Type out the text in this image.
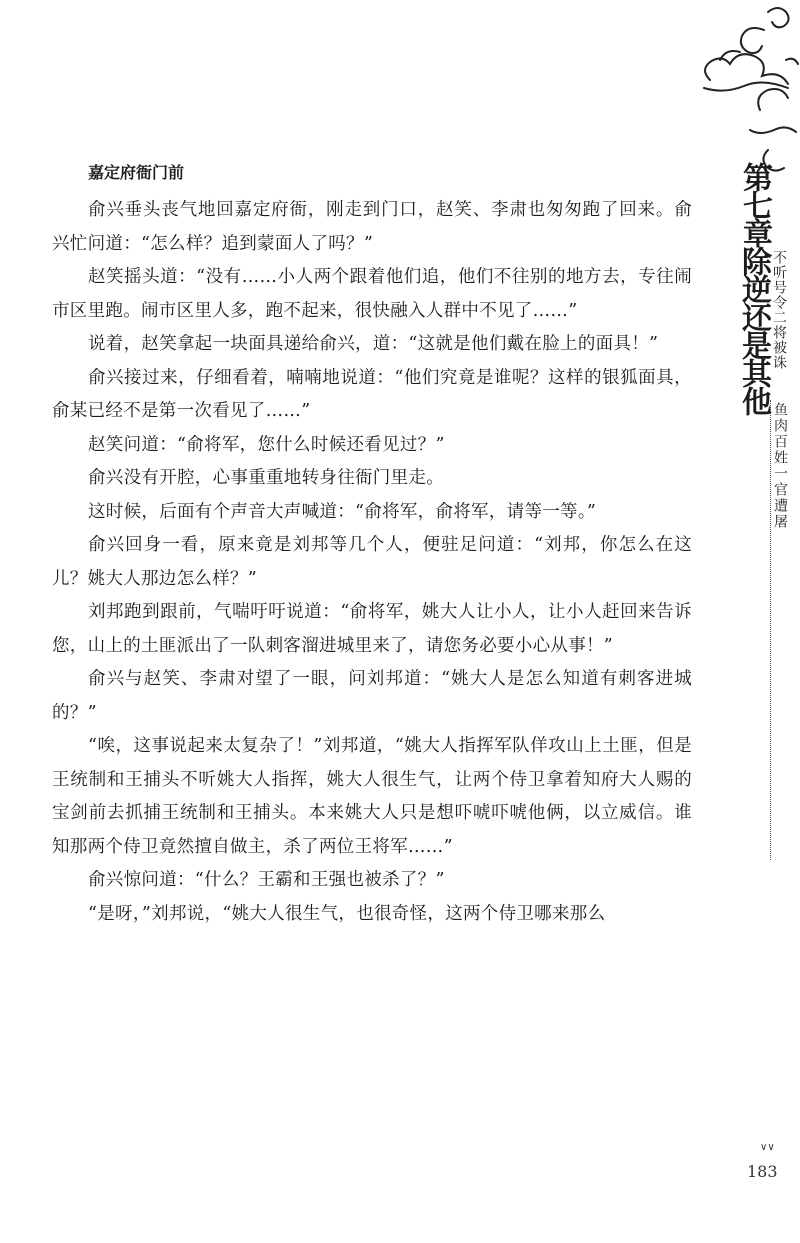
嘉定府衙门前

俞兴垂头丧气地回嘉定府衙，刚走到门口，赵笑、李肃也匆匆跑了回来。俞兴忙问道：“怎么样？追到蒙面人了吗？”

赵笑摇头道：“没有……小人两个跟着他们追，他们不往别的地方去，专往闹市区里跑。闹市区里人多，跑不起来，很快融入人群中不见了……”

说着，赵笑拿起一块面具递给俞兴，道：“这就是他们戴在脸上的面具！”

俞兴接过来，仔细看着，喃喃地说道：“他们究竟是谁呢？这样的银狐面具，俞某已经不是第一次看见了……”

赵笑问道：“俞将军，您什么时候还看见过？”

俞兴没有开腔，心事重重地转身往衙门里走。

这时候，后面有个声音大声喊道：“俞将军，俞将军，请等一等。”

俞兴回身一看，原来竟是刘邦等几个人，便驻足问道：“刘邦，你怎么在这儿？姚大人那边怎么样？”

刘邦跑到跟前，气喘吁吁说道：“俞将军，姚大人让小人，让小人赶回来告诉您，山上的土匪派出了一队刺客溜进城里来了，请您务必要小心从事！”

俞兴与赵笑、李肃对望了一眼，问刘邦道：“姚大人是怎么知道有刺客进城的？”

“唉，这事说起来太复杂了！”刘邦道，“姚大人指挥军队佯攻山上土匪，但是王统制和王捕头不听姚大人指挥，姚大人很生气，让两个侍卫拿着知府大人赐的宝剑前去抓捕王统制和王捕头。本来姚大人只是想吓唬吓唬他俩，以立威信。谁知那两个侍卫竟然擅自做主，杀了两位王将军……”

俞兴惊问道：“什么？王霸和王强也被杀了？”

“是呀，”刘邦说，“姚大人很生气，也很奇怪，这两个侍卫哪来那么

第七章
除逆还是其他 不听号令二将被诛
鱼肉百姓一官遭屠
∨∨
183
